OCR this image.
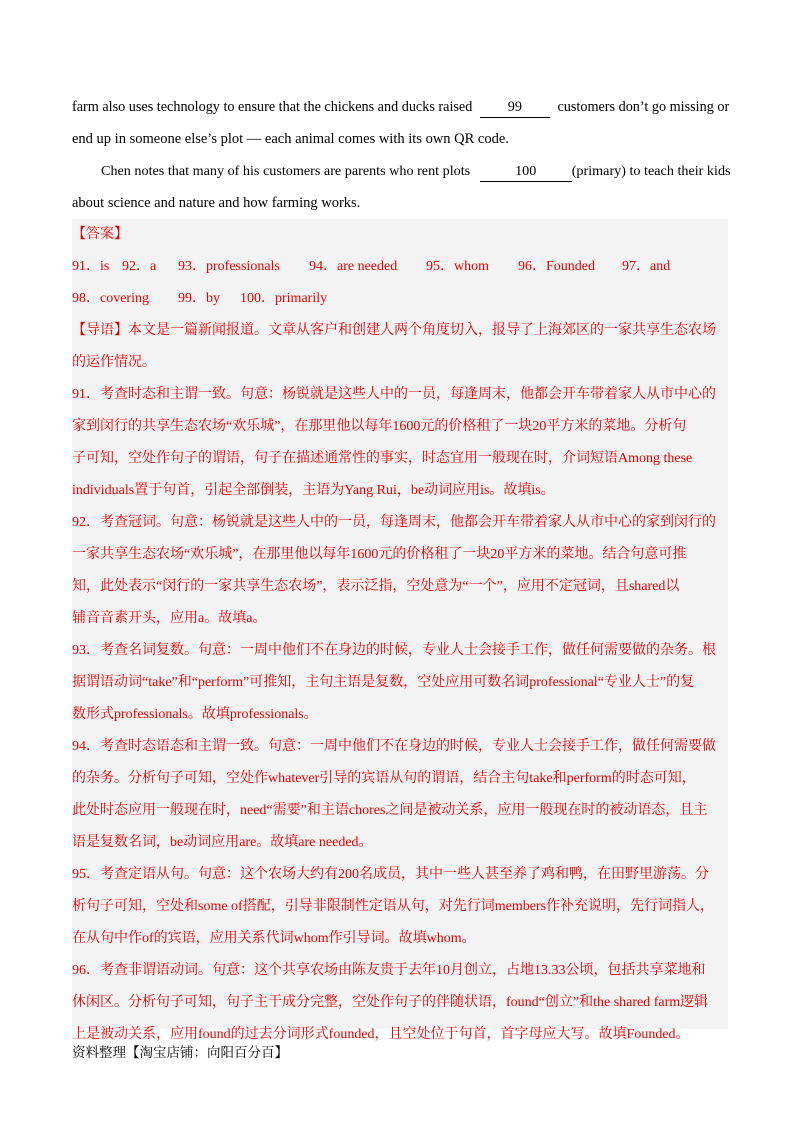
farm also uses technology to ensure that the chickens and ducks raised 99 customers don’t go missing or
end up in someone else’s plot — each animal comes with its own QR code.
Chen notes that many of his customers are parents who rent plots	100 (primary) to teach their kids
about science and nature and how farming works.
【答案】
91．is 92．a 93．professionals 94．are needed 95．whom 96．Founded 97．and
98．covering 99．by 100．primarily
【导语】本文是一篇新闻报道。文章从客户和创建人两个角度切入，报导了上海郊区的一家共享生态农场
的运作情况。
91．考查时态和主谓一致。句意：杨锐就是这些人中的一员，每逢周末，他都会开车带着家人从市中心的
家到闵行的共享生态农场“欢乐城”，在那里他以每年1600元的价格租了一块20平方米的菜地。分析句
子可知，空处作句子的谓语，句子在描述通常性的事实，时态宜用一般现在时，介词短语Among these
individuals置于句首，引起全部倒装，主语为Yang Rui，be动词应用is。故填is。
92．考查冠词。句意：杨锐就是这些人中的一员，每逢周末，他都会开车带着家人从市中心的家到闵行的
一家共享生态农场“欢乐城”，在那里他以每年1600元的价格租了一块20平方米的菜地。结合句意可推
知，此处表示“闵行的一家共享生态农场”，表示泛指，空处意为“一个”，应用不定冠词，且shared以
辅音音素开头，应用a。故填a。
93．考查名词复数。句意：一周中他们不在身边的时候，专业人士会接手工作，做任何需要做的杂务。根
据谓语动词“take”和“perform”可推知，主句主语是复数，空处应用可数名词professional“专业人士”的复
数形式professionals。故填professionals。
94．考查时态语态和主谓一致。句意：一周中他们不在身边的时候，专业人士会接手工作，做任何需要做
的杂务。分析句子可知，空处作whatever引导的宾语从句的谓语，结合主句take和perform的时态可知，
此处时态应用一般现在时，need“需要”和主语chores之间是被动关系，应用一般现在时的被动语态，且主
语是复数名词，be动词应用are。故填are needed。
95．考查定语从句。句意：这个农场大约有200名成员，其中一些人甚至养了鸡和鸭，在田野里游荡。分
析句子可知，空处和some of搭配，引导非限制性定语从句，对先行词members作补充说明，先行词指人，
在从句中作of的宾语，应用关系代词whom作引导词。故填whom。
96．考查非谓语动词。句意：这个共享农场由陈友贵于去年10月创立，占地13.33公顷，包括共享菜地和
休闲区。分析句子可知，句子主干成分完整，空处作句子的伴随状语，found“创立”和the shared farm逻辑
上是被动关系，应用found的过去分词形式founded，且空处位于句首，首字母应大写。故填Founded。
资料整理【淘宝店铺：向阳百分百】
